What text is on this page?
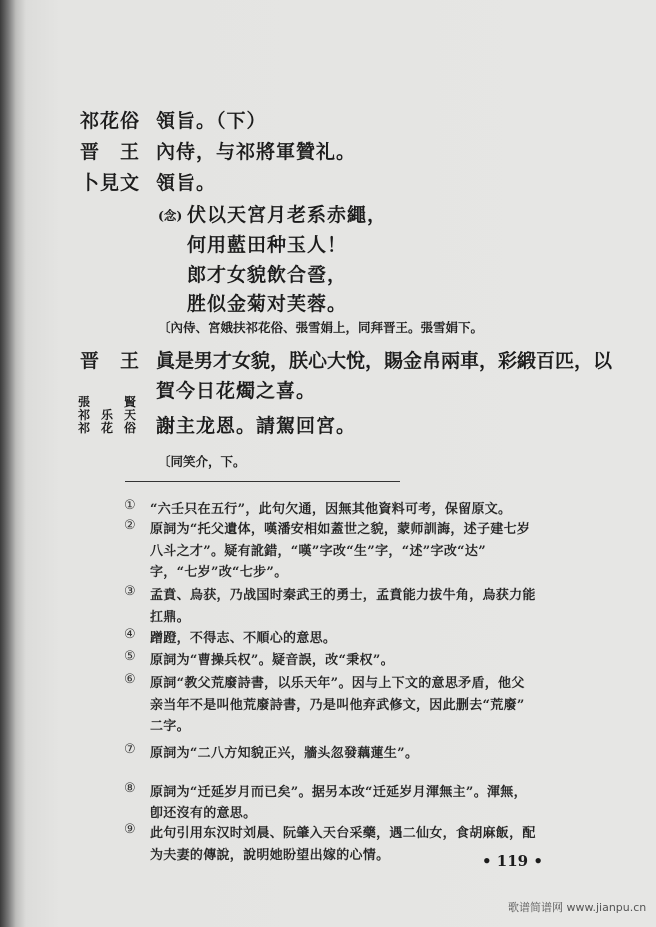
祁花俗 領旨。（下）
晋　王 內侍，与祁將軍贊礼。
卜見文 領旨。
(念) 伏以天宮月老系赤繩，
何用藍田种玉人！
郎才女貌飲合巹，
胜似金菊对芙蓉。
〔內侍、宮娥扶祁花俗、張雪娟上，同拜晋王。張雪娟下。
晋　王 眞是男才女貌，朕心大悅，賜金帛兩車，彩緞百匹，以
賀今日花燭之喜。
張	賢
祁 乐 天
祁 花 俗 謝主龙恩。請駕回宮。
〔同笑介，下。
① “六壬只在五行”，此句欠通，因無其他資料可考，保留原文。
② 原詞为“托父遺体，嘆潘安相如蓋世之貌，蒙师訓誨，述子建七岁
八斗之才”。疑有訛錯，“嘆”字改“生”字，“述”字改“达”
字，“七岁”改“七步”。
③ 孟賁、烏获，乃战国时秦武王的勇士，孟賁能力拔牛角，烏获力能
扛鼎。
④ 蹭蹬，不得志、不順心的意思。
⑤ 原詞为“曹操兵权”。疑音誤，改“秉权”。
⑥ 原詞“教父荒廢詩書，以乐天年”。因与上下文的意思矛盾，他父
亲当年不是叫他荒廢詩書，乃是叫他弃武修文，因此删去“荒廢”
二字。
⑦ 原詞为“二八方知貌正兴，牆头忽發藕蓮生”。
⑧ 原詞为“迁延岁月而已矣”。据另本改“迁延岁月渾無主”。渾無，
卽还沒有的意思。
⑨ 此句引用东汉时刘晨、阮肇入天台采藥，遇二仙女，食胡麻飯，配
为夫妻的傳說，說明她盼望出嫁的心情。	• 119 •
歌谱简谱网 www.jianpu.cn
